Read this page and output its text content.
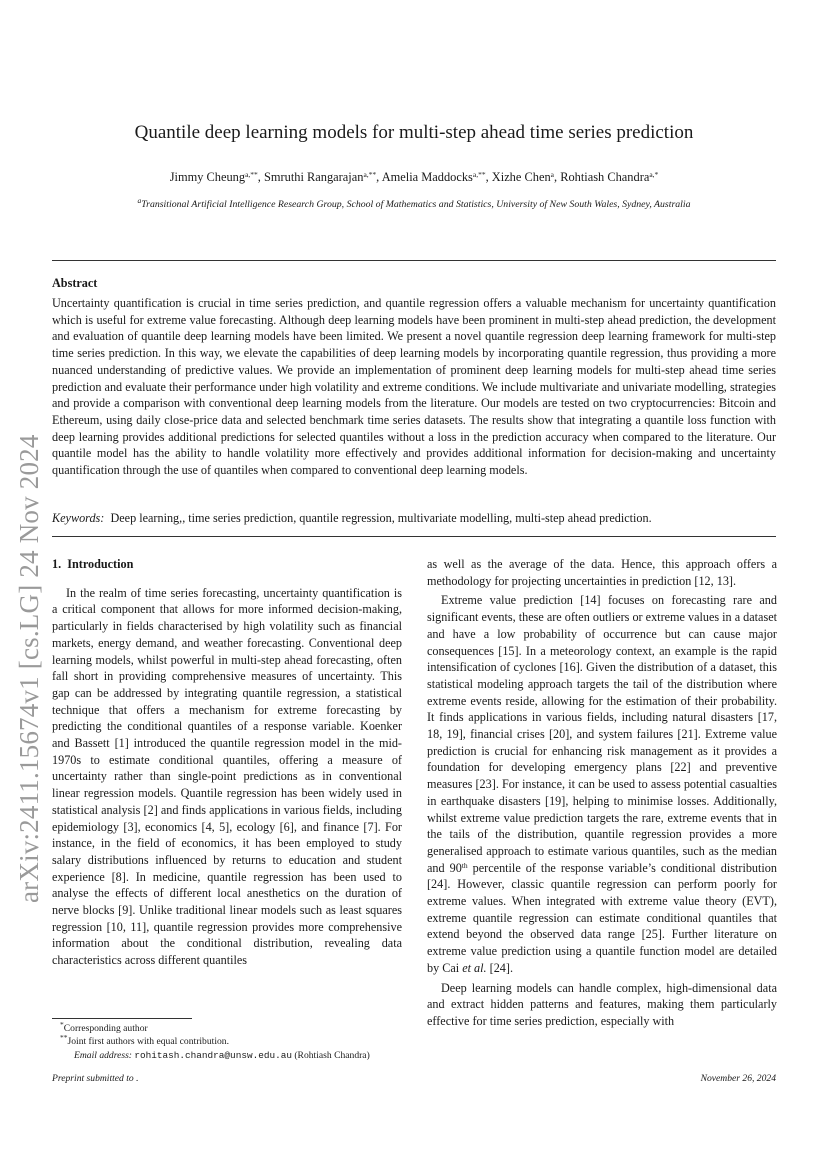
arXiv:2411.15674v1 [cs.LG] 24 Nov 2024
Quantile deep learning models for multi-step ahead time series prediction
Jimmy Cheung$^{a,**}$, Smruthi Rangarajan$^{a,**}$, Amelia Maddocks$^{a,**}$, Xizhe Chen$^a$, Rohtiash Chandra$^{a,*}$
$^a$Transitional Artificial Intelligence Research Group, School of Mathematics and Statistics, University of New South Wales, Sydney, Australia
Abstract
Uncertainty quantification is crucial in time series prediction, and quantile regression offers a valuable mechanism for uncertainty quantification which is useful for extreme value forecasting. Although deep learning models have been prominent in multi-step ahead prediction, the development and evaluation of quantile deep learning models have been limited. We present a novel quantile regression deep learning framework for multi-step time series prediction. In this way, we elevate the capabilities of deep learning models by incorporating quantile regression, thus providing a more nuanced understanding of predictive values. We provide an implementation of prominent deep learning models for multi-step ahead time series prediction and evaluate their performance under high volatility and extreme conditions. We include multivariate and univariate modelling, strategies and provide a comparison with conventional deep learning models from the literature. Our models are tested on two cryptocurrencies: Bitcoin and Ethereum, using daily close-price data and selected benchmark time series datasets. The results show that integrating a quantile loss function with deep learning provides additional predictions for selected quantiles without a loss in the prediction accuracy when compared to the literature. Our quantile model has the ability to handle volatility more effectively and provides additional information for decision-making and uncertainty quantification through the use of quantiles when compared to conventional deep learning models.
Keywords: Deep learning,, time series prediction, quantile regression, multivariate modelling, multi-step ahead prediction.
1. Introduction

In the realm of time series forecasting, uncertainty quantification is a critical component that allows for more informed decision-making, particularly in fields characterised by high volatility such as financial markets, energy demand, and weather forecasting. Conventional deep learning models, whilst powerful in multi-step ahead forecasting, often fall short in providing comprehensive measures of uncertainty. This gap can be addressed by integrating quantile regression, a statistical technique that offers a mechanism for extreme forecasting by predicting the conditional quantiles of a response variable. Koenker and Bassett [1] introduced the quantile regression model in the mid-1970s to estimate conditional quantiles, offering a measure of uncertainty rather than single-point predictions as in conventional linear regression models. Quantile regression has been widely used in statistical analysis [2] and finds applications in various fields, including epidemiology [3], economics [4, 5], ecology [6], and finance [7]. For instance, in the field of economics, it has been employed to study salary distributions influenced by returns to education and student experience [8]. In medicine, quantile regression has been used to analyse the effects of different local anesthetics on the duration of nerve blocks [9]. Unlike traditional linear models such as least squares regression [10, 11], quantile regression provides more comprehensive information about the conditional distribution, revealing data characteristics across different quantiles

as well as the average of the data. Hence, this approach offers a methodology for projecting uncertainties in prediction [12, 13].

Extreme value prediction [14] focuses on forecasting rare and significant events, these are often outliers or extreme values in a dataset and have a low probability of occurrence but can cause major consequences [15]. In a meteorology context, an example is the rapid intensification of cyclones [16]. Given the distribution of a dataset, this statistical modeling approach targets the tail of the distribution where extreme events reside, allowing for the estimation of their probability. It finds applications in various fields, including natural disasters [17, 18, 19], financial crises [20], and system failures [21]. Extreme value prediction is crucial for enhancing risk management as it provides a foundation for developing emergency plans [22] and preventive measures [23]. For instance, it can be used to assess potential casualties in earthquake disasters [19], helping to minimise losses. Additionally, whilst extreme value prediction targets the rare, extreme events that in the tails of the distribution, quantile regression provides a more generalised approach to estimate various quantiles, such as the median and 90th percentile of the response variable’s conditional distribution [24]. However, classic quantile regression can perform poorly for extreme values. When integrated with extreme value theory (EVT), extreme quantile regression can estimate conditional quantiles that extend beyond the observed data range [25]. Further literature on extreme value prediction using a quantile function model are detailed by Cai et al. [24].

Deep learning models can handle complex, high-dimensional data and extract hidden patterns and features, making them particularly effective for time series prediction, especially with

*Corresponding author

**Joint first authors with equal contribution.

Email address: rohitash.chandra@unsw.edu.au (Rohtiash Chandra)

Preprint submitted to .	November 26, 2024
